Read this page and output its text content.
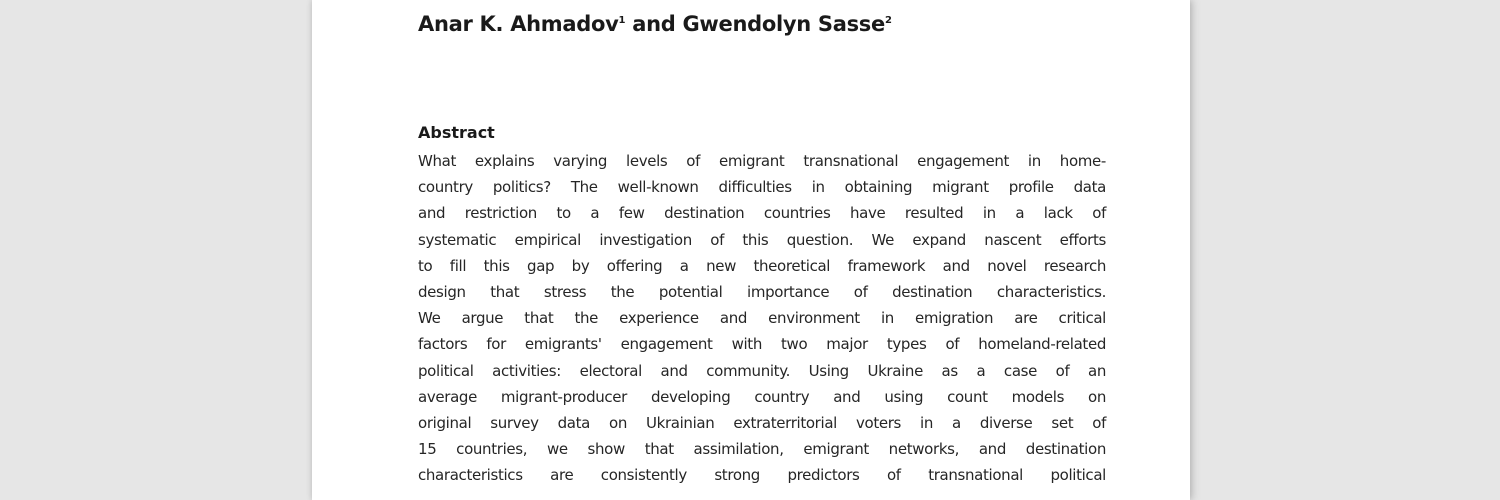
Anar K. Ahmadov$^1$ and Gwendolyn Sasse$^2$
Abstract
What explains varying levels of emigrant transnational engagement in home-
country politics? The well-known difficulties in obtaining migrant profile data
and restriction to a few destination countries have resulted in a lack of
systematic empirical investigation of this question. We expand nascent efforts
to fill this gap by offering a new theoretical framework and novel research
design that stress the potential importance of destination characteristics.
We argue that the experience and environment in emigration are critical
factors for emigrants' engagement with two major types of homeland-related
political activities: electoral and community. Using Ukraine as a case of an
average migrant-producer developing country and using count models on
original survey data on Ukrainian extraterritorial voters in a diverse set of
15 countries, we show that assimilation, emigrant networks, and destination
characteristics are consistently strong predictors of transnational political
